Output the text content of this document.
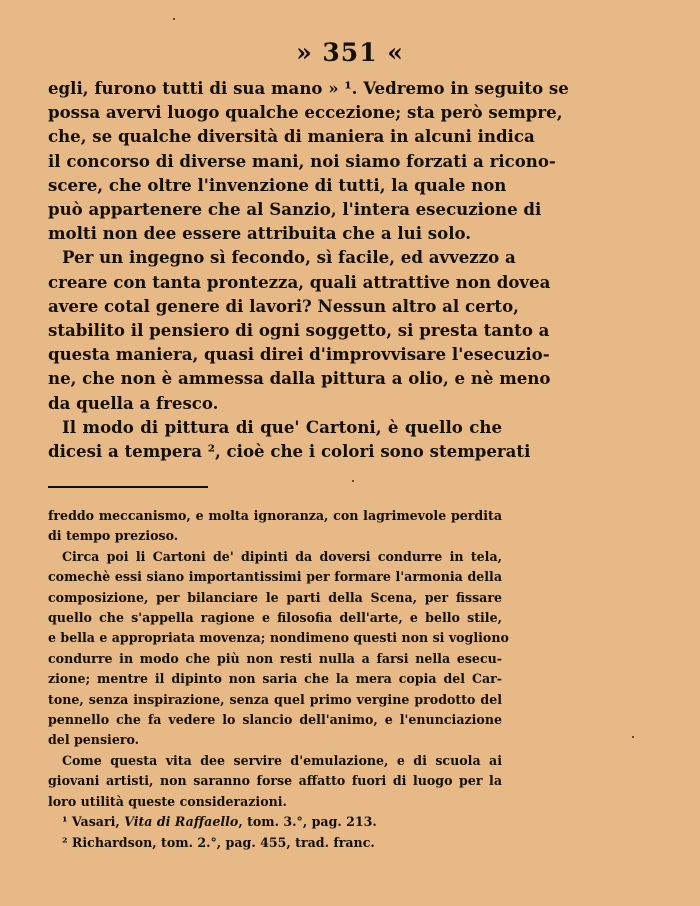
» 351 «
egli, furono tutti di sua mano » ¹. Vedremo in seguito se
possa avervi luogo qualche eccezione; sta però sempre,
che, se qualche diversità di maniera in alcuni indica
il concorso di diverse mani, noi siamo forzati a ricono-
scere, che oltre l'invenzione di tutti, la quale non
può appartenere che al Sanzio, l'intera esecuzione di
molti non dee essere attribuita che a lui solo.
Per un ingegno sì fecondo, sì facile, ed avvezzo a
creare con tanta prontezza, quali attrattive non dovea
avere cotal genere di lavori? Nessun altro al certo,
stabilito il pensiero di ogni soggetto, si presta tanto a
questa maniera, quasi direi d'improvvisare l'esecuzio-
ne, che non è ammessa dalla pittura a olio, e nè meno
da quella a fresco.
Il modo di pittura di que' Cartoni, è quello che
dicesi a tempera ², cioè che i colori sono stemperati
freddo meccanismo, e molta ignoranza, con lagrimevole perdita
di tempo prezioso.
Circa poi li Cartoni de' dipinti da doversi condurre in tela,
comechè essi siano importantissimi per formare l'armonia della
composizione, per bilanciare le parti della Scena, per fissare
quello che s'appella ragione e filosofia dell'arte, e bello stile,
e bella e appropriata movenza; nondimeno questi non si vogliono
condurre in modo che più non resti nulla a farsi nella esecu-
zione; mentre il dipinto non saria che la mera copia del Car-
tone, senza inspirazione, senza quel primo vergine prodotto del
pennello che fa vedere lo slancio dell'animo, e l'enunciazione
del pensiero.
Come questa vita dee servire d'emulazione, e di scuola ai
giovani artisti, non saranno forse affatto fuori di luogo per la
loro utilità queste considerazioni.
¹ Vasari, Vita di Raffaello, tom. 3.°, pag. 213.
² Richardson, tom. 2.°, pag. 455, trad. franc.
